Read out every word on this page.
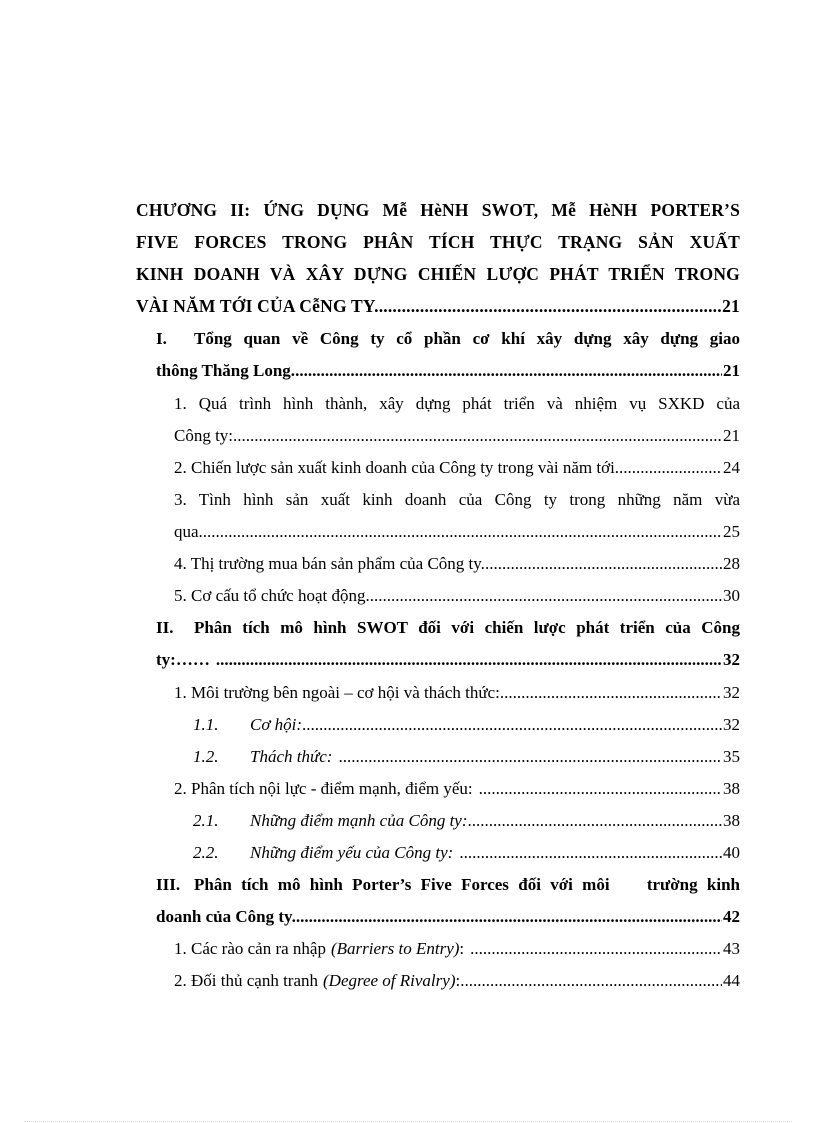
CHƯƠNG II: ỨNG DỤNG Mễ HèNH SWOT, Mễ HèNH PORTER’S
FIVE FORCES TRONG PHÂN TÍCH THỰC TRẠNG SẢN XUẤT
KINH DOANH VÀ XÂY DỰNG CHIẾN LƯỢC PHÁT TRIỂN TRONG
VÀI NĂM TỚI CỦA CễNG TY. .....	21
I.	Tổng quan về Công ty cổ phần cơ khí xây dựng xây dựng giao
thông Thăng Long. .....	21
1. Quá trình hình thành, xây dựng phát triển và nhiệm vụ SXKD của
Công ty: .....	21
2. Chiến lược sản xuất kinh doanh của Công ty trong vài năm tới. .....	24
3. Tình hình sản xuất kinh doanh của Công ty trong những năm vừa
qua.. .....	25
4. Thị trường mua bán sản phẩm của Công ty. .....	28
5. Cơ cấu tổ chức hoạt động. .....	30
II.	Phân tích mô hình SWOT đối với chiến lược phát triển của Công
ty:…… .....	32
1. Môi trường bên ngoài – cơ hội và thách thức: .....	32
1.1.	Cơ hội: .....	32
1.2.	Thách thức: .....	35
2. Phân tích nội lực - điểm mạnh, điểm yếu: .....	38
2.1.	Những điểm mạnh của Công ty: .....	38
2.2.	Những điểm yếu của Công ty: .....	40
III. Phân tích mô hình Porter’s Five Forces đối với môi    trường kinh
doanh của Công ty. .....	42
1. Các rào cản ra nhập (Barriers to Entry) : .....	43
2. Đối thủ cạnh tranh (Degree of Rivalry) : .....	44
